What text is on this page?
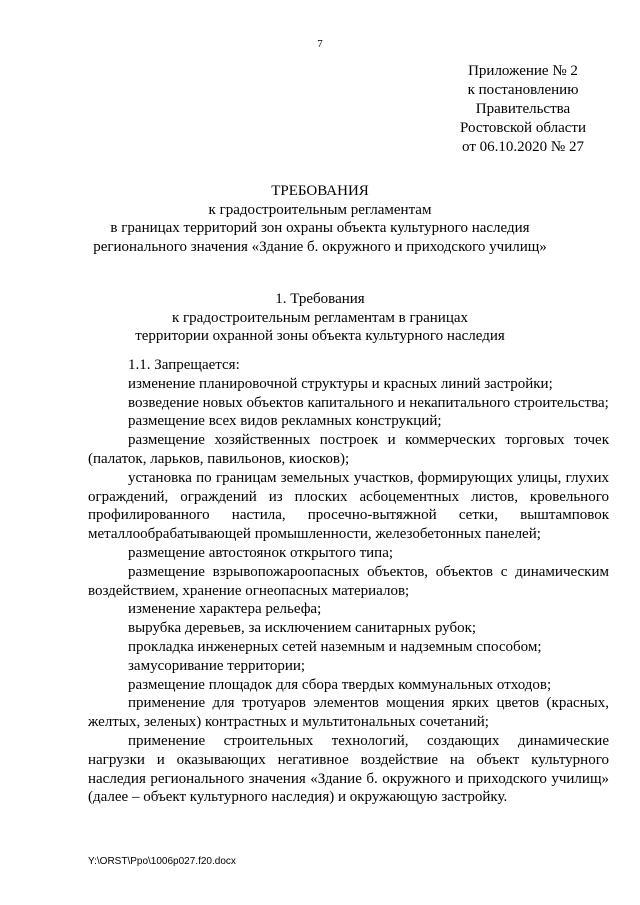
7
Приложение № 2
к постановлению
Правительства
Ростовской области
от 06.10.2020 № 27
ТРЕБОВАНИЯ
к градостроительным регламентам
в границах территорий зон охраны объекта культурного наследия
регионального значения «Здание б. окружного и приходского училищ»
1. Требования
к градостроительным регламентам в границах
территории охранной зоны объекта культурного наследия

1.1. Запрещается:

изменение планировочной структуры и красных линий застройки;

возведение новых объектов капитального и некапитального строительства;

размещение всех видов рекламных конструкций;

размещение хозяйственных построек и коммерческих торговых точек (палаток, ларьков, павильонов, киосков);

установка по границам земельных участков, формирующих улицы, глухих ограждений, ограждений из плоских асбоцементных листов, кровельного профилированного настила, просечно-вытяжной сетки, выштамповок металлообрабатывающей промышленности, железобетонных панелей;

размещение автостоянок открытого типа;

размещение взрывопожароопасных объектов, объектов с динамическим воздействием, хранение огнеопасных материалов;

изменение характера рельефа;

вырубка деревьев, за исключением санитарных рубок;

прокладка инженерных сетей наземным и надземным способом;

замусоривание территории;

размещение площадок для сбора твердых коммунальных отходов;

применение для тротуаров элементов мощения ярких цветов (красных, желтых, зеленых) контрастных и мультитональных сочетаний;

применение строительных технологий, создающих динамические нагрузки и оказывающих негативное воздействие на объект культурного наследия регионального значения «Здание б. окружного и приходского училищ» (далее – объект культурного наследия) и окружающую застройку.

Y:\ORST\Ppo\1006p027.f20.docx
